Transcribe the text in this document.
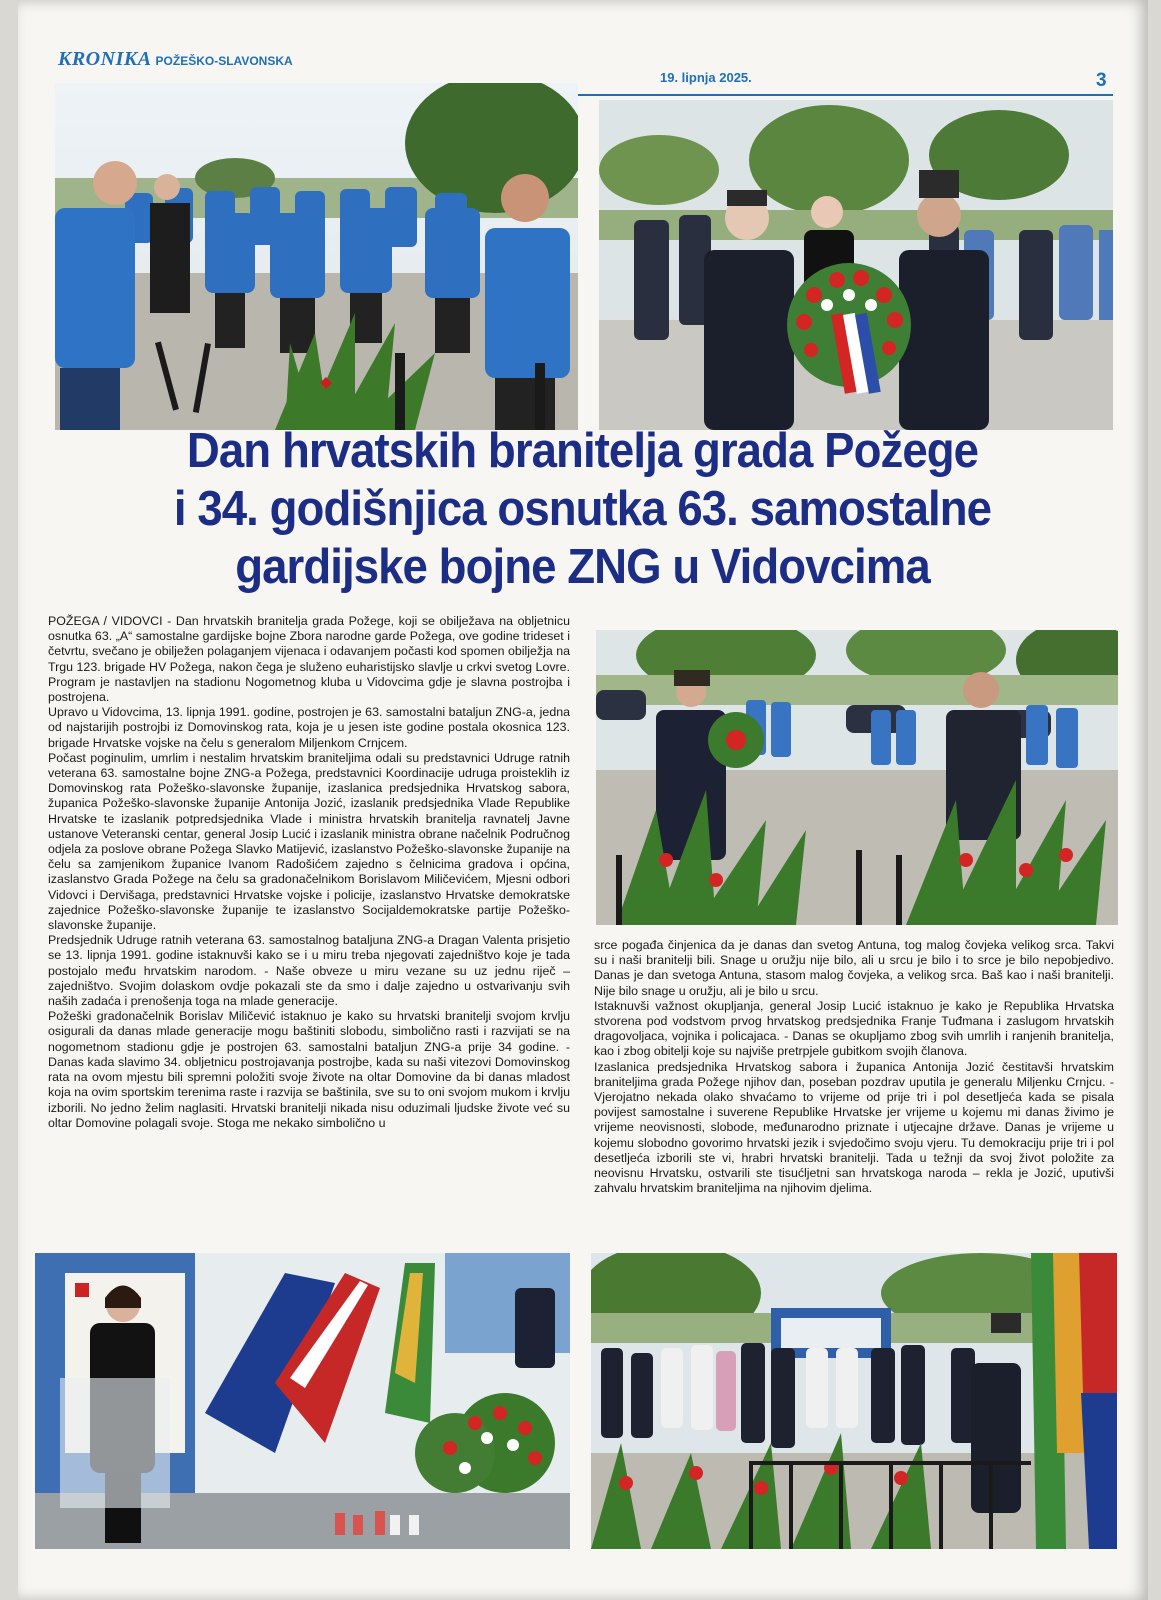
KRONIKA POŽEŠKO-SLAVONSKA
19. lipnja 2025.	3
Dan hrvatskih branitelja grada Požege
i 34. godišnjica osnutka 63. samostalne
gardijske bojne ZNG u Vidovcima

POŽEGA / VIDOVCI - Dan hrvatskih branitelja grada Požege, koji se obilježava na obljetnicu osnutka 63. „A“ samostalne gardijske bojne Zbora narodne garde Požega, ove godine trideset i četvrtu, svečano je obilježen polaganjem vijenaca i odavanjem počasti kod spomen obilježja na Trgu 123. brigade HV Požega, nakon čega je služeno euharistijsko slavlje u crkvi svetog Lovre. Program je nastavljen na stadionu Nogometnog kluba u Vidovcima gdje je slavna postrojba i postrojena.

Upravo u Vidovcima, 13. lipnja 1991. godine, postrojen je 63. samostalni bataljun ZNG-a, jedna od najstarijih postrojbi iz Domovinskog rata, koja je u jesen iste godine postala okosnica 123. brigade Hrvatske vojske na čelu s generalom Miljenkom Crnjcem.

Počast poginulim, umrlim i nestalim hrvatskim braniteljima odali su predstavnici Udruge ratnih veterana 63. samostalne bojne ZNG-a Požega, predstavnici Koordinacije udruga proisteklih iz Domovinskog rata Požeško-slavonske županije, izaslanica predsjednika Hrvatskog sabora, županica Požeško-slavonske županije Antonija Jozić, izaslanik predsjednika Vlade Republike Hrvatske te izaslanik potpredsjednika Vlade i ministra hrvatskih branitelja ravnatelj Javne ustanove Veteranski centar, general Josip Lucić i izaslanik ministra obrane načelnik Područnog odjela za poslove obrane Požega Slavko Matijević, izaslanstvo Požeško-slavonske županije na čelu sa zamjenikom županice Ivanom Radošićem zajedno s čelnicima gradova i općina, izaslanstvo Grada Požege na čelu sa gradonačelnikom Borislavom Miličevićem, Mjesni odbori Vidovci i Dervišaga, predstavnici Hrvatske vojske i policije, izaslanstvo Hrvatske demokratske zajednice Požeško-slavonske županije te izaslanstvo Socijaldemokratske partije Požeško-slavonske županije.

Predsjednik Udruge ratnih veterana 63. samostalnog bataljuna ZNG-a Dragan Valenta prisjetio se 13. lipnja 1991. godine istaknuvši kako se i u miru treba njegovati zajedništvo koje je tada postojalo među hrvatskim narodom. - Naše obveze u miru vezane su uz jednu riječ – zajedništvo. Svojim dolaskom ovdje pokazali ste da smo i dalje zajedno u ostvarivanju svih naših zadaća i prenošenja toga na mlade generacije.

Požeški gradonačelnik Borislav Miličević istaknuo je kako su hrvatski branitelji svojom krvlju osigurali da danas mlade generacije mogu baštiniti slobodu, simbolično rasti i razvijati se na nogometnom stadionu gdje je postrojen 63. samostalni bataljun ZNG-a prije 34 godine. - Danas kada slavimo 34. obljetnicu postrojavanja postrojbe, kada su naši vitezovi Domovinskog rata na ovom mjestu bili spremni položiti svoje živote na oltar Domovine da bi danas mladost koja na ovim sportskim terenima raste i razvija se baštinila, sve su to oni svojom mukom i krvlju izborili. No jedno želim naglasiti. Hrvatski branitelji nikada nisu oduzimali ljudske živote već su oltar Domovine polagali svoje. Stoga me nekako simbolično u

srce pogađa činjenica da je danas dan svetog Antuna, tog malog čovjeka velikog srca. Takvi su i naši branitelji bili. Snage u oružju nije bilo, ali u srcu je bilo i to srce je bilo nepobjedivo. Danas je dan svetoga Antuna, stasom malog čovjeka, a velikog srca. Baš kao i naši branitelji. Nije bilo snage u oružju, ali je bilo u srcu.

Istaknuvši važnost okupljanja, general Josip Lucić istaknuo je kako je Republika Hrvatska stvorena pod vodstvom prvog hrvatskog predsjednika Franje Tuđmana i zaslugom hrvatskih dragovoljaca, vojnika i policajaca. - Danas se okupljamo zbog svih umrlih i ranjenih branitelja, kao i zbog obitelji koje su najviše pretrpjele gubitkom svojih članova.

Izaslanica predsjednika Hrvatskog sabora i županica Antonija Jozić čestitavši hrvatskim braniteljima grada Požege njihov dan, poseban pozdrav uputila je generalu Miljenku Crnjcu. - Vjerojatno nekada olako shvaćamo to vrijeme od prije tri i pol desetljeća kada se pisala povijest samostalne i suverene Republike Hrvatske jer vrijeme u kojemu mi danas živimo je vrijeme neovisnosti, slobode, međunarodno priznate i utjecajne države. Danas je vrijeme u kojemu slobodno govorimo hrvatski jezik i svjedočimo svoju vjeru. Tu demokraciju prije tri i pol desetljeća izborili ste vi, hrabri hrvatski branitelji. Tada u težnji da svoj život položite za neovisnu Hrvatsku, ostvarili ste tisućljetni san hrvatskoga naroda – rekla je Jozić, uputivši zahvalu hrvatskim braniteljima na njihovim djelima.
